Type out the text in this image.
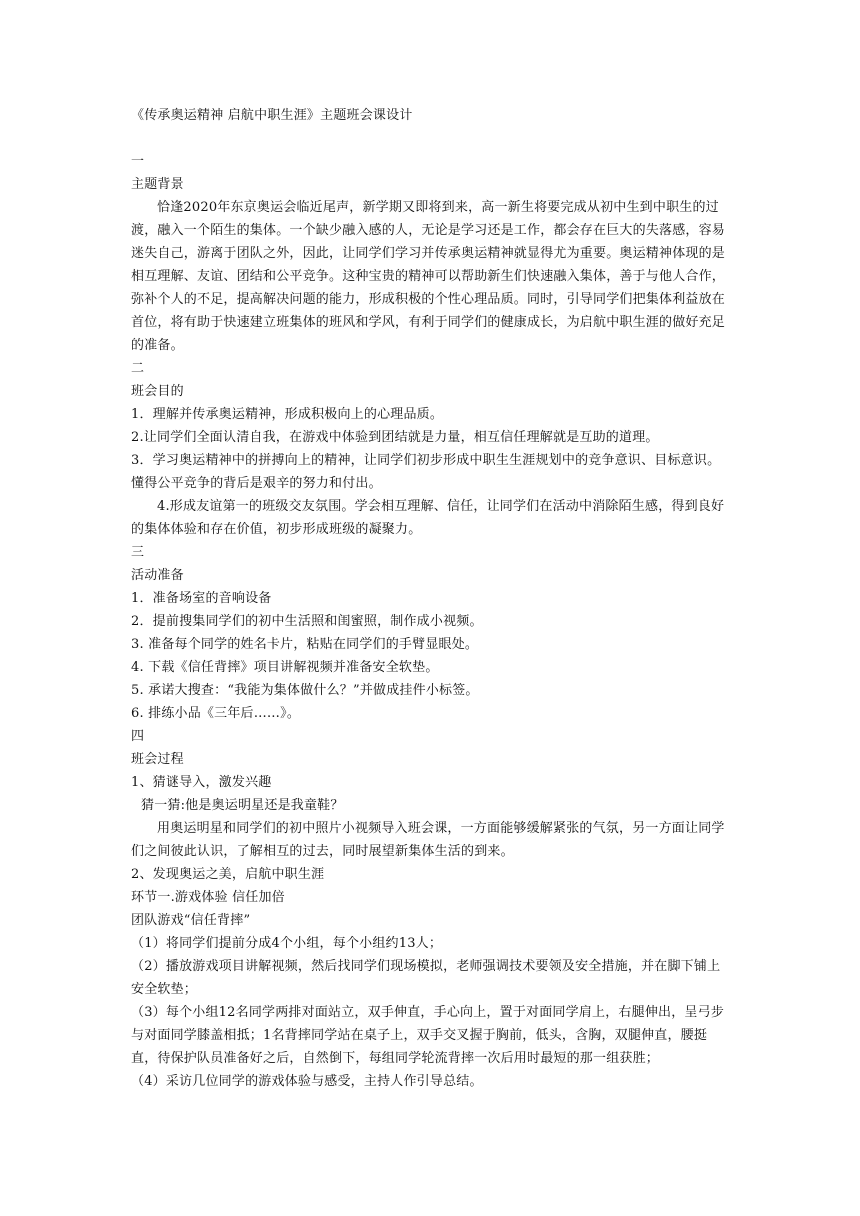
《传承奥运精神 启航中职生涯》主题班会课设计
一
主题背景
恰逢2020年东京奥运会临近尾声，新学期又即将到来，高一新生将要完成从初中生到中职生的过渡，融入一个陌生的集体。一个缺少融入感的人，无论是学习还是工作，都会存在巨大的失落感，容易迷失自己，游离于团队之外，因此，让同学们学习并传承奥运精神就显得尤为重要。奥运精神体现的是相互理解、友谊、团结和公平竞争。这种宝贵的精神可以帮助新生们快速融入集体，善于与他人合作，弥补个人的不足，提高解决问题的能力，形成积极的个性心理品质。同时，引导同学们把集体利益放在首位，将有助于快速建立班集体的班风和学风，有利于同学们的健康成长，为启航中职生涯的做好充足的准备。
二
班会目的
1．理解并传承奥运精神，形成积极向上的心理品质。
2.让同学们全面认清自我，在游戏中体验到团结就是力量，相互信任理解就是互助的道理。
3．学习奥运精神中的拼搏向上的精神，让同学们初步形成中职生生涯规划中的竞争意识、目标意识。懂得公平竞争的背后是艰辛的努力和付出。
4.形成友谊第一的班级交友氛围。学会相互理解、信任，让同学们在活动中消除陌生感，得到良好的集体体验和存在价值，初步形成班级的凝聚力。
三
活动准备
1．准备场室的音响设备
2．提前搜集同学们的初中生活照和闺蜜照，制作成小视频。
3. 准备每个同学的姓名卡片，粘贴在同学们的手臂显眼处。
4. 下载《信任背摔》项目讲解视频并准备安全软垫。
5. 承诺大搜查：“我能为集体做什么？”并做成挂件小标签。
6. 排练小品《三年后……》。
四
班会过程
1、猜谜导入，激发兴趣
猜一猜:他是奥运明星还是我童鞋？
用奥运明星和同学们的初中照片小视频导入班会课，一方面能够缓解紧张的气氛，另一方面让同学们之间彼此认识，了解相互的过去，同时展望新集体生活的到来。
2、发现奥运之美，启航中职生涯
环节一.游戏体验 信任加倍
团队游戏“信任背摔”
（1）将同学们提前分成4个小组，每个小组约13人；
（2）播放游戏项目讲解视频，然后找同学们现场模拟，老师强调技术要领及安全措施，并在脚下铺上安全软垫；
（3）每个小组12名同学两排对面站立，双手伸直，手心向上，置于对面同学肩上，右腿伸出，呈弓步与对面同学膝盖相抵；1名背摔同学站在桌子上，双手交叉握于胸前，低头，含胸，双腿伸直，腰挺直，待保护队员准备好之后，自然倒下，每组同学轮流背摔一次后用时最短的那一组获胜；
（4）采访几位同学的游戏体验与感受，主持人作引导总结。
